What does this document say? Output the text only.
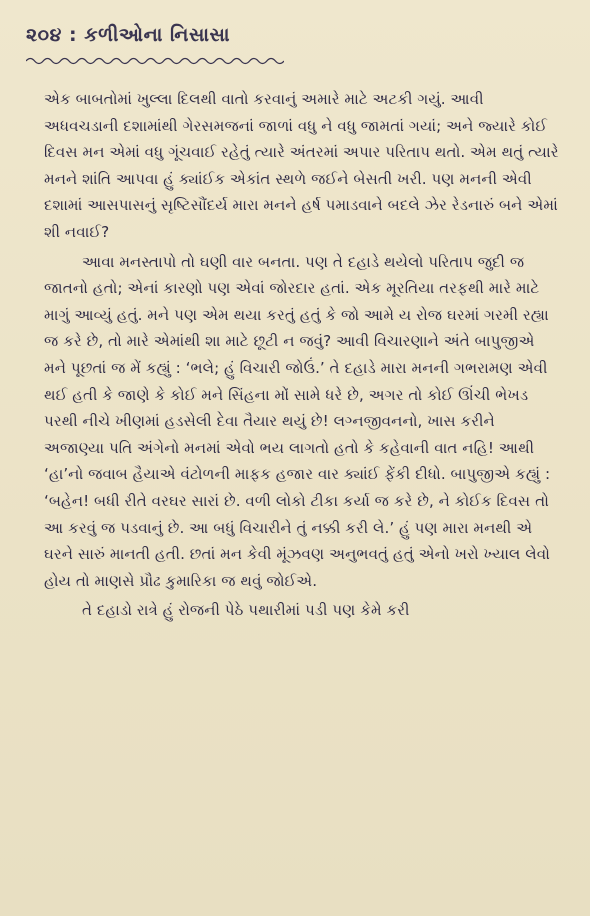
૨૦૪ : કળીઓના નિસાસા

એક બાબતોમાં ખુલ્લા દિલથી વાતો કરવાનું અમારે માટે અટકી ગયું. આવી અધવચડાની દશામાંથી ગેરસમજનાં જાળાં વધુ ને વધુ જામતાં ગયાં; અને જ્યારે કોઈ દિવસ મન એમાં વધુ ગૂંચવાઈ રહેતું ત્યારે અંતરમાં અપાર પરિતાપ થતો. એમ થતું ત્યારે મનને શાંતિ આપવા હું ક્યાંઈક એકાંત સ્થળે જઈને બેસતી ખરી. પણ મનની એવી દશામાં આસપાસનું સૃષ્ટિસૌંદર્ય મારા મનને હર્ષ પમાડવાને બદલે ઝેર રેડનારું બને એમાં શી નવાઈ?

આવા મનસ્તાપો તો ઘણી વાર બનતા. પણ તે દહાડે થયેલો પરિતાપ જુદી જ જાતનો હતો; એનાં કારણો પણ એવાં જોરદાર હતાં. એક મૂરતિયા તરફથી મારે માટે માગું આવ્યું હતું. મને પણ એમ થયા કરતું હતું કે જો આમે ય રોજ ઘરમાં ગરમી રહ્યા જ કરે છે, તો મારે એમાંથી શા માટે છૂટી ન જવું? આવી વિચારણાને અંતે બાપુજીએ મને પૂછતાં જ મેં કહ્યું : ‘ભલે; હું વિચારી જોઉં.’ તે દહાડે મારા મનની ગભરામણ એવી થઈ હતી કે જાણે કે કોઈ મને સિંહના મોં સામે ધરે છે, અગર તો કોઈ ઊંચી ભેખડ પરથી નીચે ખીણમાં હડસેલી દેવા તૈયાર થયું છે! લગ્નજીવનનો, ખાસ કરીને અજાણ્યા પતિ અંગેનો મનમાં એવો ભય લાગતો હતો કે કહેવાની વાત નહિ! આથી ‘હા’નો જવાબ હૈયાએ વંટોળની માફક હજાર વાર ક્યાંઈ ફેંકી દીધો. બાપુજીએ કહ્યું : ‘બહેન! બધી રીતે વરઘર સારાં છે. વળી લોકો ટીકા કર્યા જ કરે છે, ને કોઈક દિવસ તો આ કરવું જ પડવાનું છે. આ બધું વિચારીને તું નક્કી કરી લે.’ હું પણ મારા મનથી એ ઘરને સારું માનતી હતી. છતાં મન કેવી મૂંઝવણ અનુભવતું હતું એનો ખરો ખ્યાલ લેવો હોય તો માણસે પ્રૌઢ કુમારિકા જ થવું જોઈએ.

તે દહાડો રાત્રે હું રોજની પેઠે પથારીમાં પડી પણ કેમે કરી
